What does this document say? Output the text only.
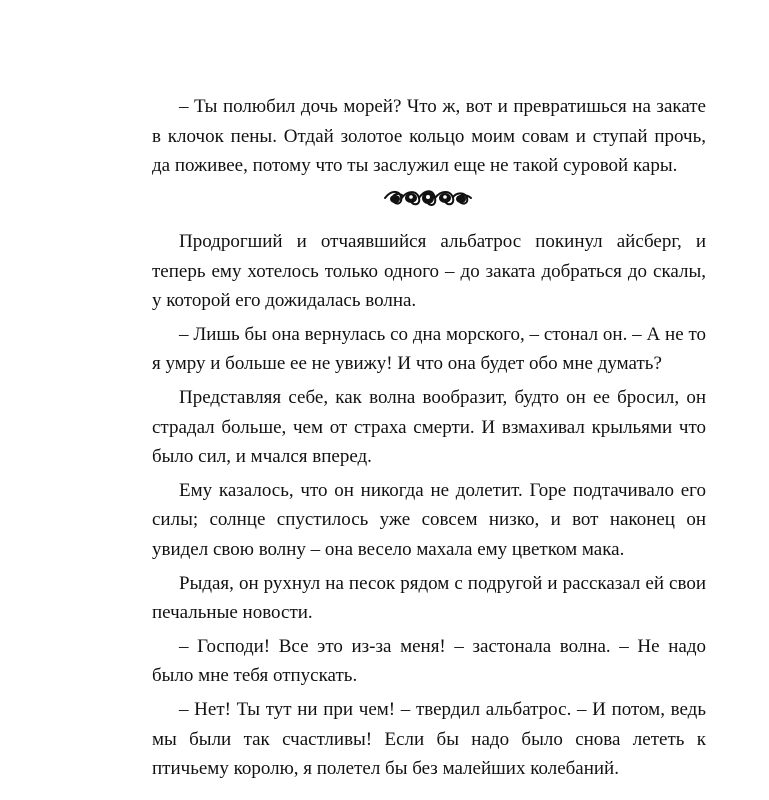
– Ты полюбил дочь морей? Что ж, вот и превратишься на закате в клочок пены. Отдай золотое кольцо моим совам и ступай прочь, да поживее, потому что ты заслужил еще не такой суровой кары.

Продрогший и отчаявшийся альбатрос покинул айсберг, и теперь ему хотелось только одного – до заката добраться до скалы, у которой его дожидалась волна.

– Лишь бы она вернулась со дна морского, – стонал он. – А не то я умру и больше ее не увижу! И что она будет обо мне думать?

Представляя себе, как волна вообразит, будто он ее бросил, он страдал больше, чем от страха смерти. И взмахивал крыльями что было сил, и мчался вперед.

Ему казалось, что он никогда не долетит. Горе подтачивало его силы; солнце спустилось уже совсем низко, и вот наконец он увидел свою волну – она весело махала ему цветком мака.

Рыдая, он рухнул на песок рядом с подругой и рассказал ей свои печальные новости.

– Господи! Все это из-за меня! – застонала волна. – Не надо было мне тебя отпускать.

– Нет! Ты тут ни при чем! – твердил альбатрос. – И потом, ведь мы были так счастливы! Если бы надо было снова лететь к птичьему королю, я полетел бы без малейших колебаний.
